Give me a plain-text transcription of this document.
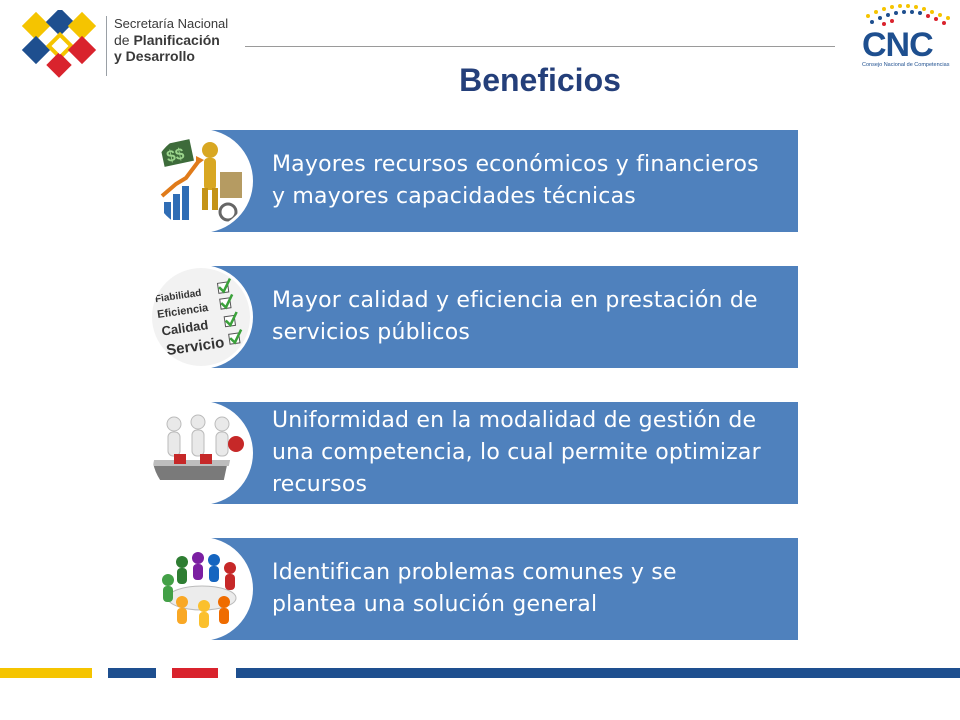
Secretaría Nacional
de Planificación
y Desarrollo	CNC
Consejo Nacional de Competencias
Beneficios
$$	Mayores recursos económicos y financieros y mayores capacidades técnicas
Fiabilidad
Eficiencia
Calidad
Servicio
Mayor calidad y eficiencia en prestación de servicios públicos
Uniformidad en la modalidad de gestión de una competencia, lo cual permite optimizar recursos
Identifican problemas comunes y se plantea una solución general
